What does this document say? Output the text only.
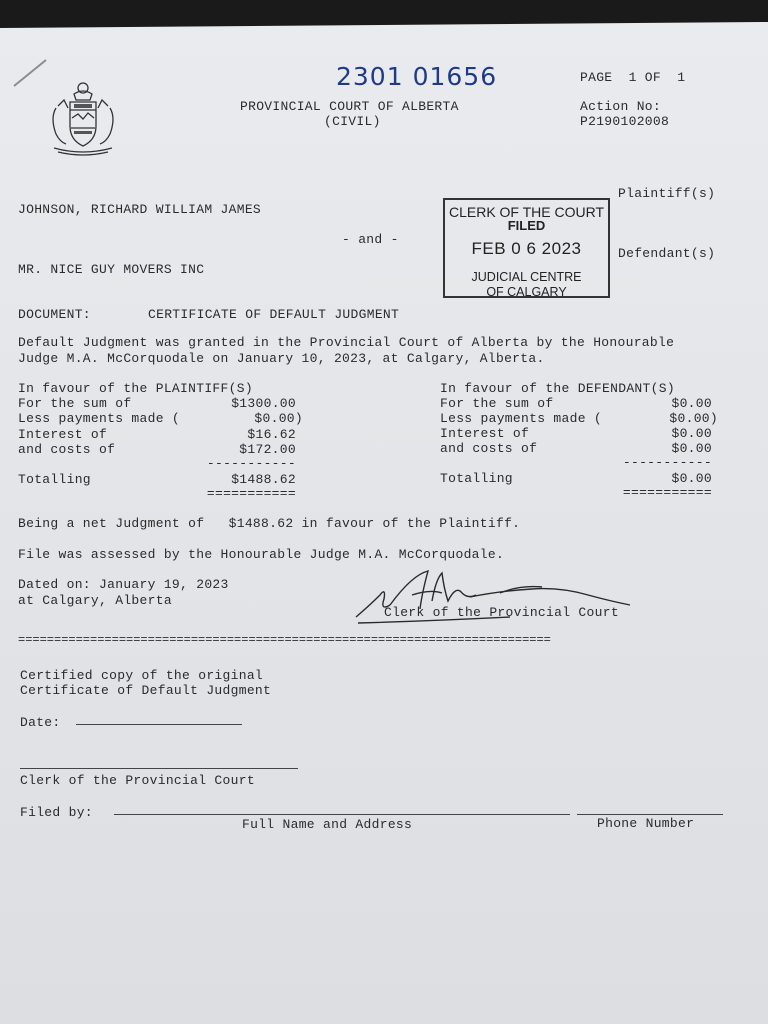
2301 01656	PAGE  1 OF  1
PROVINCIAL COURT OF ALBERTA
(CIVIL)
Action No:
P2190102008
Plaintiff(s)
JOHNSON, RICHARD WILLIAM JAMES
- and -
Defendant(s)
MR. NICE GUY MOVERS INC
CLERK OF THE COURT
FILED
FEB 0 6 2023
JUDICIAL CENTRE
OF CALGARY
DOCUMENT:	CERTIFICATE OF DEFAULT JUDGMENT
Default Judgment was granted in the Provincial Court of Alberta by the Honourable
Judge M.A. McCorquodale on January 10, 2023, at Calgary, Alberta.
In favour of the PLAINTIFF(S)
For the sum of	$1300.00
Less payments made (	$0.00)
Interest of	$16.62
and costs of	$172.00
-----------
Totalling	$1488.62
===========
In favour of the DEFENDANT(S)
For the sum of	$0.00
Less payments made (	$0.00)
Interest of	$0.00
and costs of	$0.00
-----------
Totalling	$0.00
===========
Being a net Judgment of   $1488.62 in favour of the Plaintiff.
File was assessed by the Honourable Judge M.A. McCorquodale.
Dated on: January 19, 2023
at Calgary, Alberta
Clerk of the Provincial Court
==========================================================================
Certified copy of the original
Certificate of Default Judgment
Date:
Clerk of the Provincial Court
Filed by:
Full Name and Address	Phone Number
